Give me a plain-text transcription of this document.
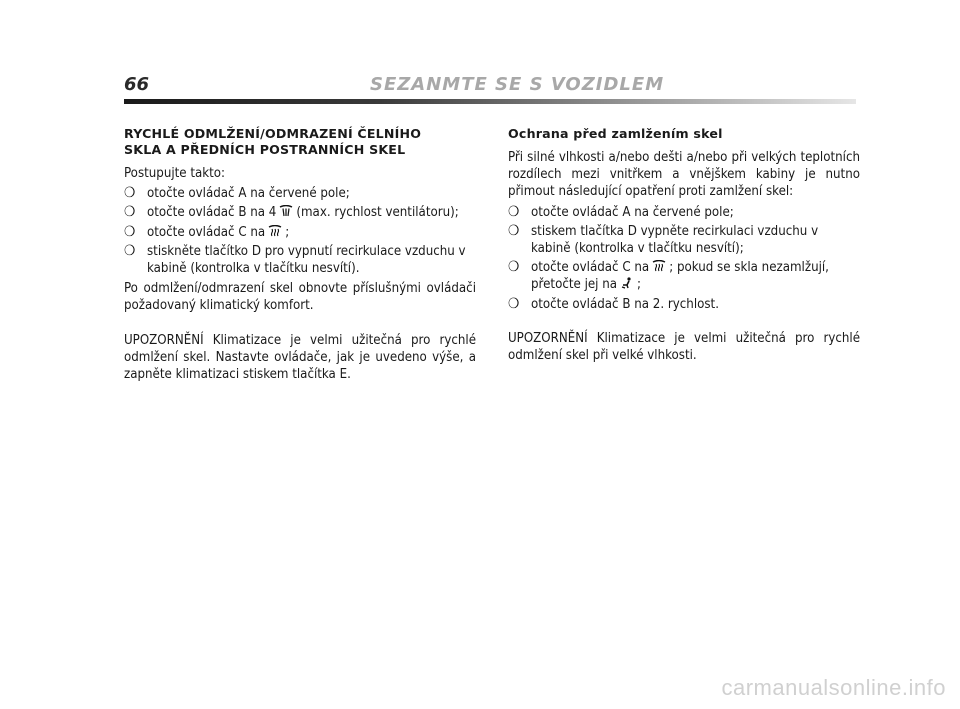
66	SEZANMTE SE S VOZIDLEM
RYCHLÉ ODMLŽENÍ/ODMRAZENÍ ČELNÍHO
SKLA A PŘEDNÍCH POSTRANNÍCH SKEL

Postupujte takto:

❍ otočte ovládač A na červené pole;
❍ otočte ovládač B na 4 (max. rychlost ventilátoru);
❍ otočte ovládač C na ;
❍ stiskněte tlačítko D pro vypnutí recirkulace vzduchu v kabině (kontrolka v tlačítku nesvítí).

Po odmlžení/odmrazení skel obnovte příslušnými ovládači požadovaný klimatický komfort.

UPOZORNĚNÍ Klimatizace je velmi užitečná pro rychlé odmlžení skel. Nastavte ovládače, jak je uvedeno výše, a zapněte klimatizaci stiskem tlačítka E.

Ochrana před zamlžením skel

Při silné vlhkosti a/nebo dešti a/nebo při velkých teplotních rozdílech mezi vnitřkem a vnějškem kabiny je nutno přimout následující opatření proti zamlžení skel:

❍ otočte ovládač A na červené pole;
❍ stiskem tlačítka D vypněte recirkulaci vzduchu v kabině (kontrolka v tlačítku nesvítí);
❍ otočte ovládač C na ; pokud se skla nezamlžují, přetočte jej na ;
❍ otočte ovládač B na 2. rychlost.

UPOZORNĚNÍ Klimatizace je velmi užitečná pro rychlé odmlžení skel při velké vlhkosti.

carmanualsonline.info
